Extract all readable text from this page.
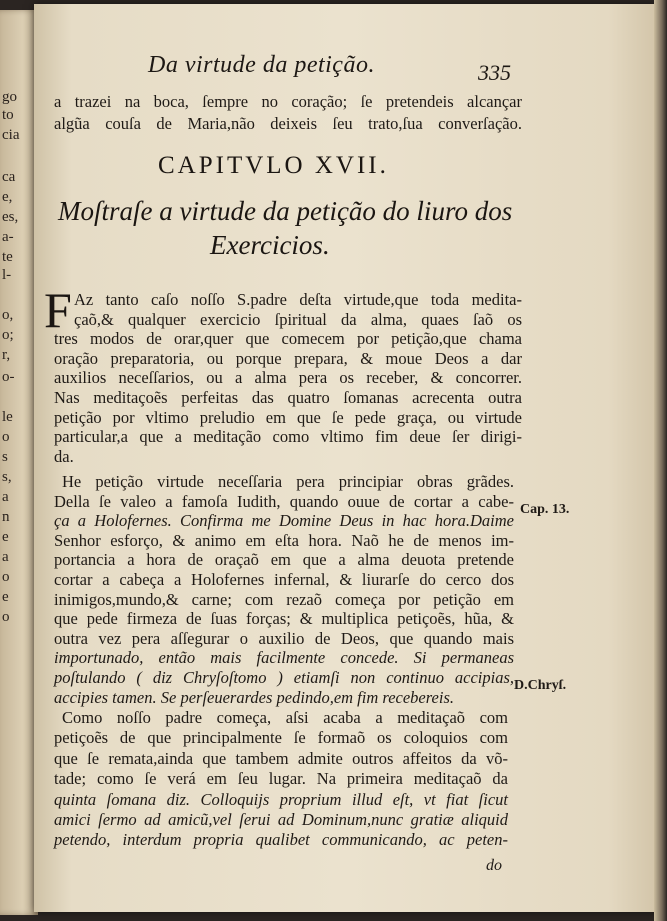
go
to
cia
ca
e,
es,
a-
te
l-
o,
o;
r,
o-
le
o
s
s,
a
n
e
a
o
e
o
Da virtude da petição.	335
a trazei na boca, ſempre no coração; ſe pretendeis alcançar
algũa couſa de Maria,não deixeis ſeu trato,ſua converſação.
Az tanto caſo noſſo S.padre deſta virtude,que toda medita-
çaõ,& qualquer exercicio ſpiritual da alma, quaes ſaõ os
tres modos de orar,quer que comecem por petição,que chama
oração preparatoria, ou porque prepara, & moue Deos a dar
auxilios neceſſarios, ou a alma pera os receber, & concorrer.
Nas meditaçoẽs perfeitas das quatro ſomanas acrecenta outra
petição por vltimo preludio em que ſe pede graça, ou virtude
particular,a que a meditação como vltimo fim deue ſer dirigi-
da.
He petição virtude neceſſaria pera principiar obras grãdes.
Della ſe valeo a famoſa Iudith, quando ouue de cortar a cabe-
ça a Holofernes. Confirma me Domine Deus in hac hora.Daime
Senhor esforço, & animo em eſta hora. Naõ he de menos im-
portancia a hora de oraçaõ em que a alma deuota pretende
cortar a cabeça a Holofernes infernal, & liurarſe do cerco dos
inimigos,mundo,& carne; com rezaõ começa por petição em
que pede firmeza de ſuas forças; & multiplica petiçoẽs, hũa, &
outra vez pera aſſegurar o auxilio de Deos, que quando mais
importunado, então mais facilmente concede. Si permaneas
poſtulando ( diz Chryſoſtomo ) etiamſi non continuo accipias,
accipies tamen. Se perſeuerardes pedindo,em fim recebereis.
Como noſſo padre começa, aſsi acaba a meditaçaõ com
petiçoẽs de que principalmente ſe formaõ os coloquios com
que ſe remata,ainda que tambem admite outros affeitos da võ-
tade; como ſe verá em ſeu lugar. Na primeira meditaçaõ da
quinta ſomana diz. Colloquijs proprium illud eſt, vt fiat ſicut
amici ſermo ad amicũ,vel ſerui ad Dominum,nunc gratiæ aliquid
petendo, interdum propria qualibet communicando, ac peten-
CAPITVLO XVII.
Moſtraſe a virtude da petição do liuro dos
Exercicios.
F
Cap. 13.
D.Chryſ.
do
